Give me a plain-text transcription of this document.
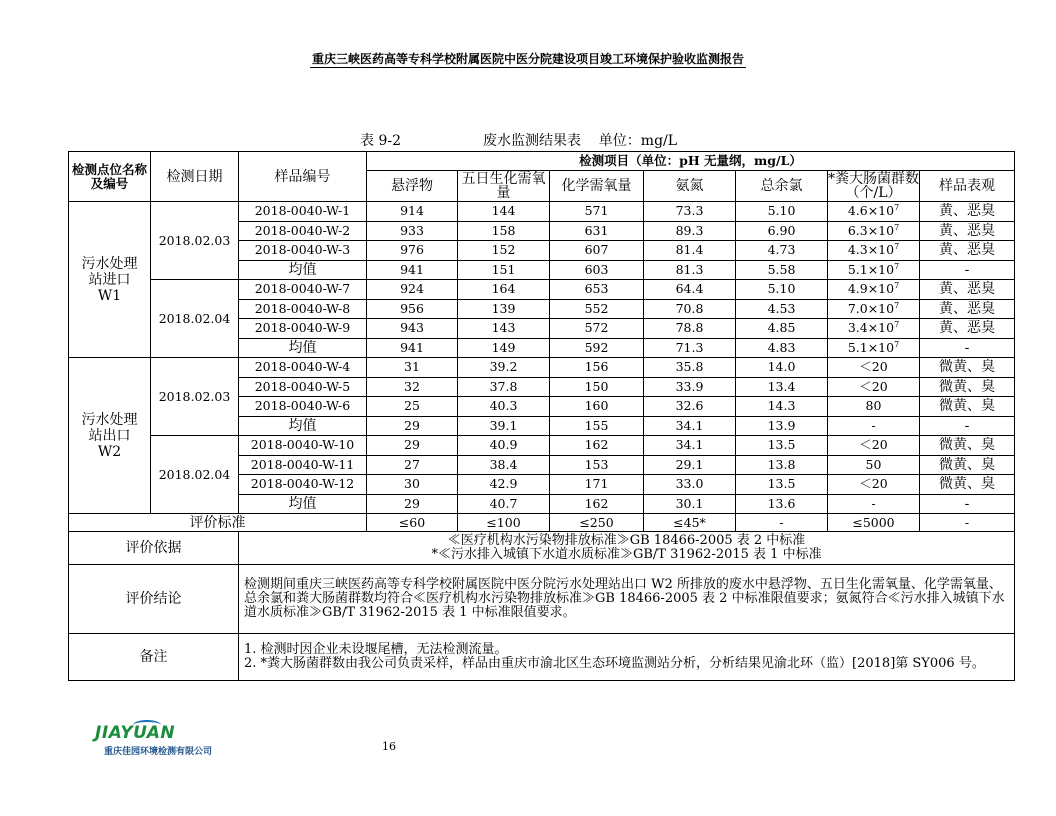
重庆三峡医药高等专科学校附属医院中医分院建设项目竣工环境保护验收监测报告
表 9-2	废水监测结果表    单位：mg/L
检测点位名称及编号	检测日期	样品编号	检测项目（单位：pH 无量纲，mg/L）						
			悬浮物	五日生化需氧量	化学需氧量	氨氮	总余氯	*粪大肠菌群数（个/L）	样品表观
污水处理站进口W1	2018.02.03	2018-0040-W-1	914	144	571	73.3	5.10	$4.6\times 10^7$	黄、恶臭
		2018-0040-W-2	933	158	631	89.3	6.90	$6.3\times 10^7$	黄、恶臭
		2018-0040-W-3	976	152	607	81.4	4.73	$4.3\times 10^7$	黄、恶臭
		均值	941	151	603	81.3	5.58	$5.1\times 10^7$	-
	2018.02.04	2018-0040-W-7	924	164	653	64.4	5.10	$4.9\times 10^7$	黄、恶臭
		2018-0040-W-8	956	139	552	70.8	4.53	$7.0\times 10^7$	黄、恶臭
		2018-0040-W-9	943	143	572	78.8	4.85	$3.4\times 10^7$	黄、恶臭
		均值	941	149	592	71.3	4.83	$5.1\times 10^7$	-
污水处理站出口W2	2018.02.03	2018-0040-W-4	31	39.2	156	35.8	14.0	＜20	微黄、臭
		2018-0040-W-5	32	37.8	150	33.9	13.4	＜20	微黄、臭
		2018-0040-W-6	25	40.3	160	32.6	14.3	80	微黄、臭
		均值	29	39.1	155	34.1	13.9	-	-
	2018.02.04	2018-0040-W-10	29	40.9	162	34.1	13.5	＜20	微黄、臭
		2018-0040-W-11	27	38.4	153	29.1	13.8	50	微黄、臭
		2018-0040-W-12	30	42.9	171	33.0	13.5	＜20	微黄、臭
		均值	29	40.7	162	30.1	13.6	-	-
评价标准			≤60	≤100	≤250	≤45*	-	≤5000	-
评价依据		≪医疗机构水污染物排放标准≫GB 18466-2005 表 2 中标准
*≪污水排入城镇下水道水质标准≫GB/T 31962-2015 表 1 中标准							

评价结论		检测期间重庆三峡医药高等专科学校附属医院中医分院污水处理站出口 W2 所排放的废水中悬浮物、五日生化需氧量、化学需氧量、总余氯和粪大肠菌群数均符合≪医疗机构水污染物排放标准≫GB 18466-2005 表 2 中标准限值要求；氨氮符合≪污水排入城镇下水道水质标准≫GB/T 31962-2015 表 1 中标准限值要求。							
备注		1. 检测时因企业未设堰尾槽，无法检测流量。
2. *粪大肠菌群数由我公司负责采样，样品由重庆市渝北区生态环境监测站分析，分析结果见渝北环（监）[2018]第 SY006 号。							
JIAYUAN
重庆佳园环境检测有限公司	16
